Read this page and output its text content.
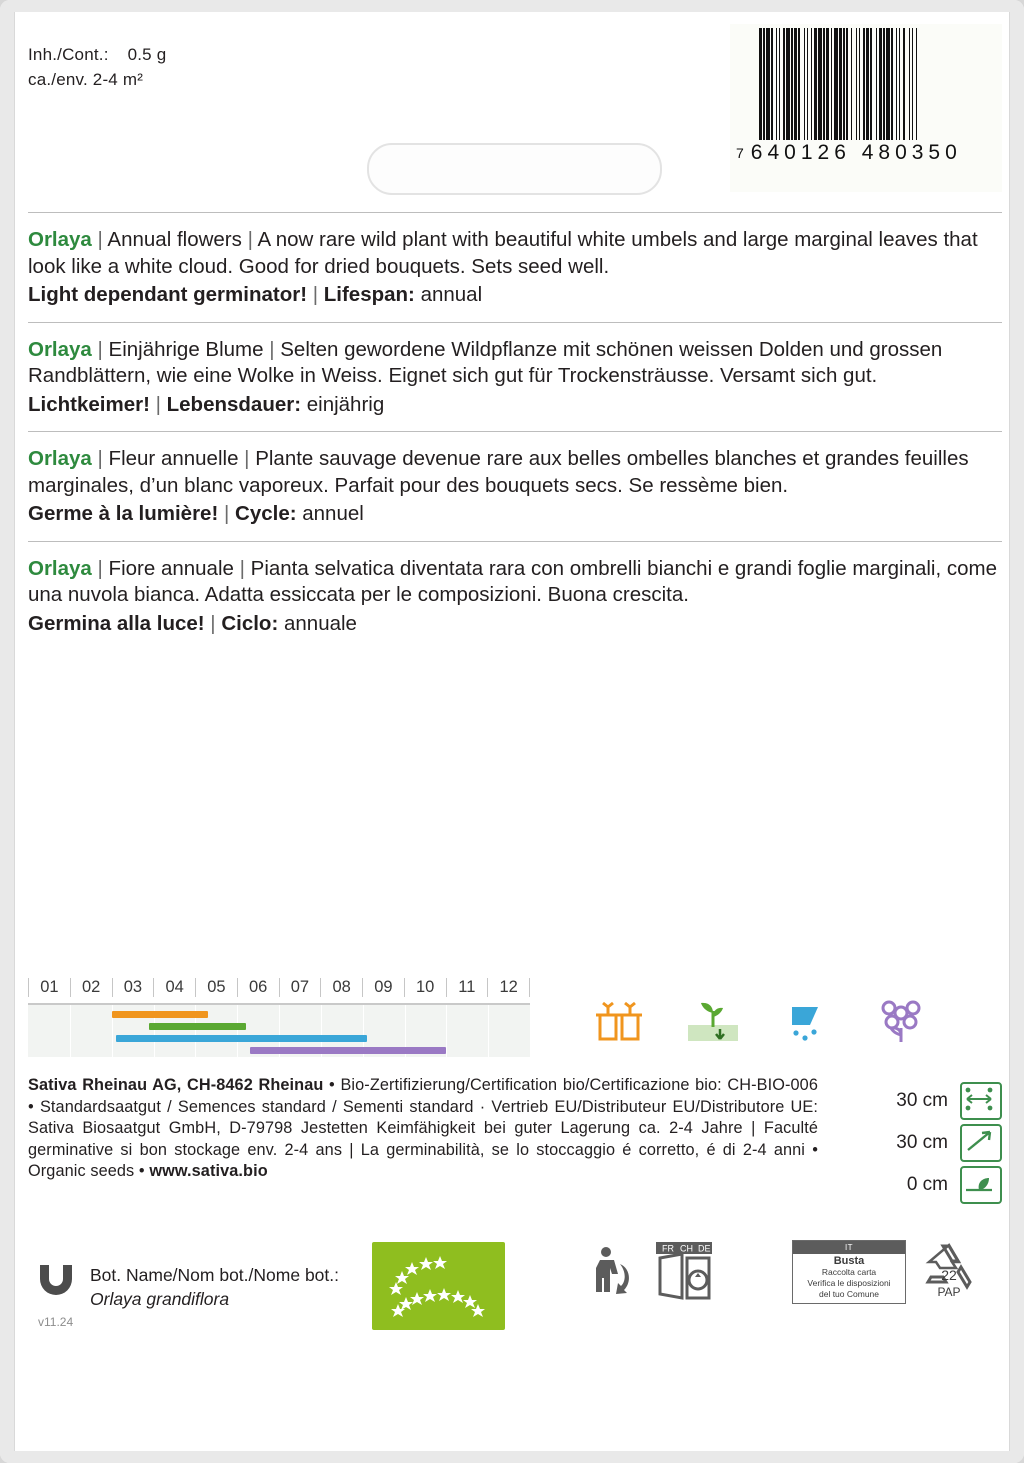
Inh./Cont.: 0.5 g
ca./env. 2-4 m²
7 640126 480350

Orlaya | Annual flowers | A now rare wild plant with beautiful white umbels and large marginal leaves that look like a white cloud. Good for dried bouquets. Sets seed well.

Light dependant germinator! | Lifespan: annual

Orlaya | Einjährige Blume | Selten gewordene Wildpflanze mit schönen weissen Dolden und grossen Randblättern, wie eine Wolke in Weiss. Eignet sich gut für Trockensträusse. Versamt sich gut.

Lichtkeimer! | Lebensdauer: einjährig

Orlaya | Fleur annuelle | Plante sauvage devenue rare aux belles ombelles blanches et grandes feuilles marginales, d’un blanc vaporeux. Parfait pour des bouquets secs. Se ressème bien.

Germe à la lumière! | Cycle: annuel

Orlaya | Fiore annuale | Pianta selvatica diventata rara con ombrelli bianchi e grandi foglie marginali, come una nuvola bianca. Adatta essiccata per le composizioni. Buona crescita.

Germina alla luce! | Ciclo: annuale

01	02	03	04	05	06	07	08	09	10	11	12
Sativa Rheinau AG, CH-8462 Rheinau • Bio-Zertifizierung/Certification bio/Certificazione bio: CH-BIO-006 • Standardsaatgut / Semences standard / Sementi standard · Vertrieb EU/Distributeur EU/Distributore UE: Sativa Biosaatgut GmbH, D-79798 Jestetten Keimfähigkeit bei guter Lagerung ca. 2-4 Jahre | Faculté germinative si bon stockage env. 2-4 ans | La germinabilità, se lo stoccaggio é corretto, é di 2-4 anni • Organic seeds • www.sativa.bio
30 cm
30 cm
0 cm
Bot. Name/Nom bot./Nome bot.:
Orlaya grandiflora
v11.24
FR CH DE	IT
Busta
Raccolta carta
Verifica le disposizioni
del tuo Comune
22
PAP
